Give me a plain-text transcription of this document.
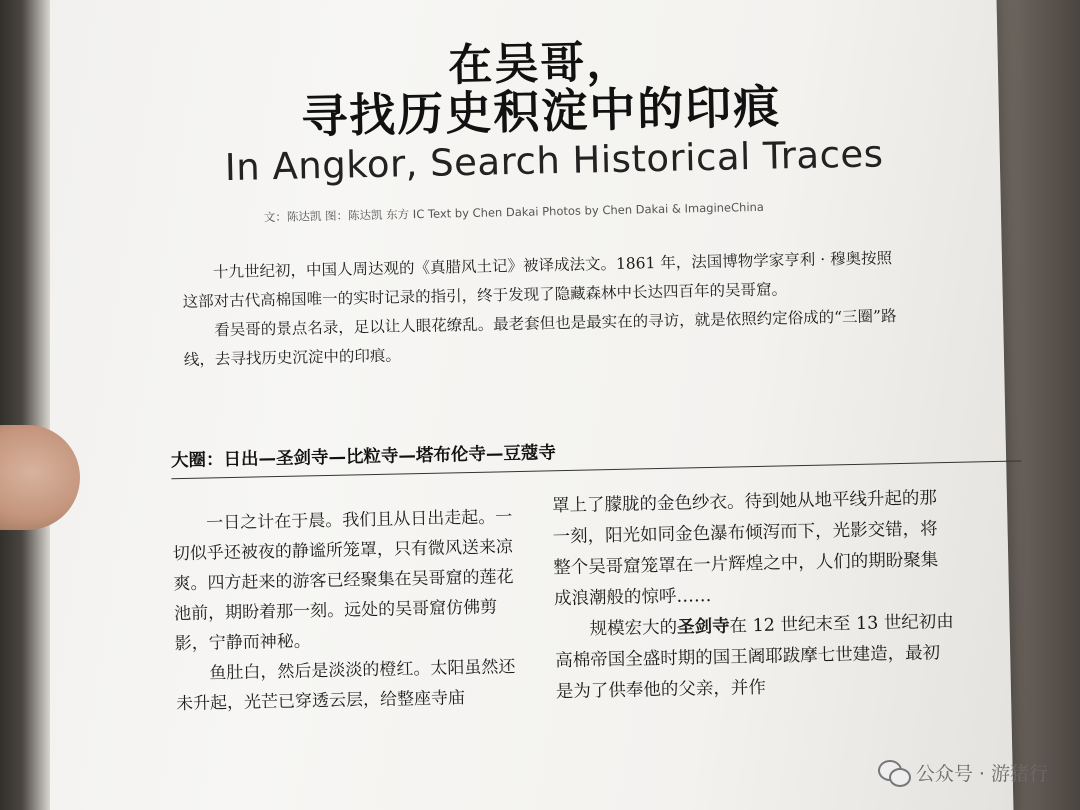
在吴哥，
寻找历史积淀中的印痕
In Angkor, Search Historical Traces
文：陈达凯 图：陈达凯 东方 IC Text by Chen Dakai Photos by Chen Dakai & ImagineChina

十九世纪初，中国人周达观的《真腊风土记》被译成法文。1861 年，法国博物学家亨利 · 穆奥按照这部对古代高棉国唯一的实时记录的指引，终于发现了隐藏森林中长达四百年的吴哥窟。

看吴哥的景点名录，足以让人眼花缭乱。最老套但也是最实在的寻访，就是依照约定俗成的“三圈”路线，去寻找历史沉淀中的印痕。

大圈：日出—圣剑寺—比粒寺—塔布伦寺—豆蔻寺

一日之计在于晨。我们且从日出走起。一切似乎还被夜的静谧所笼罩，只有微风送来凉爽。四方赶来的游客已经聚集在吴哥窟的莲花池前，期盼着那一刻。远处的吴哥窟仿佛剪影，宁静而神秘。

鱼肚白，然后是淡淡的橙红。太阳虽然还未升起，光芒已穿透云层，给整座寺庙

罩上了朦胧的金色纱衣。待到她从地平线升起的那一刻，阳光如同金色瀑布倾泻而下，光影交错，将整个吴哥窟笼罩在一片辉煌之中，人们的期盼聚集成浪潮般的惊呼……

规模宏大的圣剑寺在 12 世纪末至 13 世纪初由高棉帝国全盛时期的国王阇耶跋摩七世建造，最初是为了供奉他的父亲，并作

公众号 · 游猪行
